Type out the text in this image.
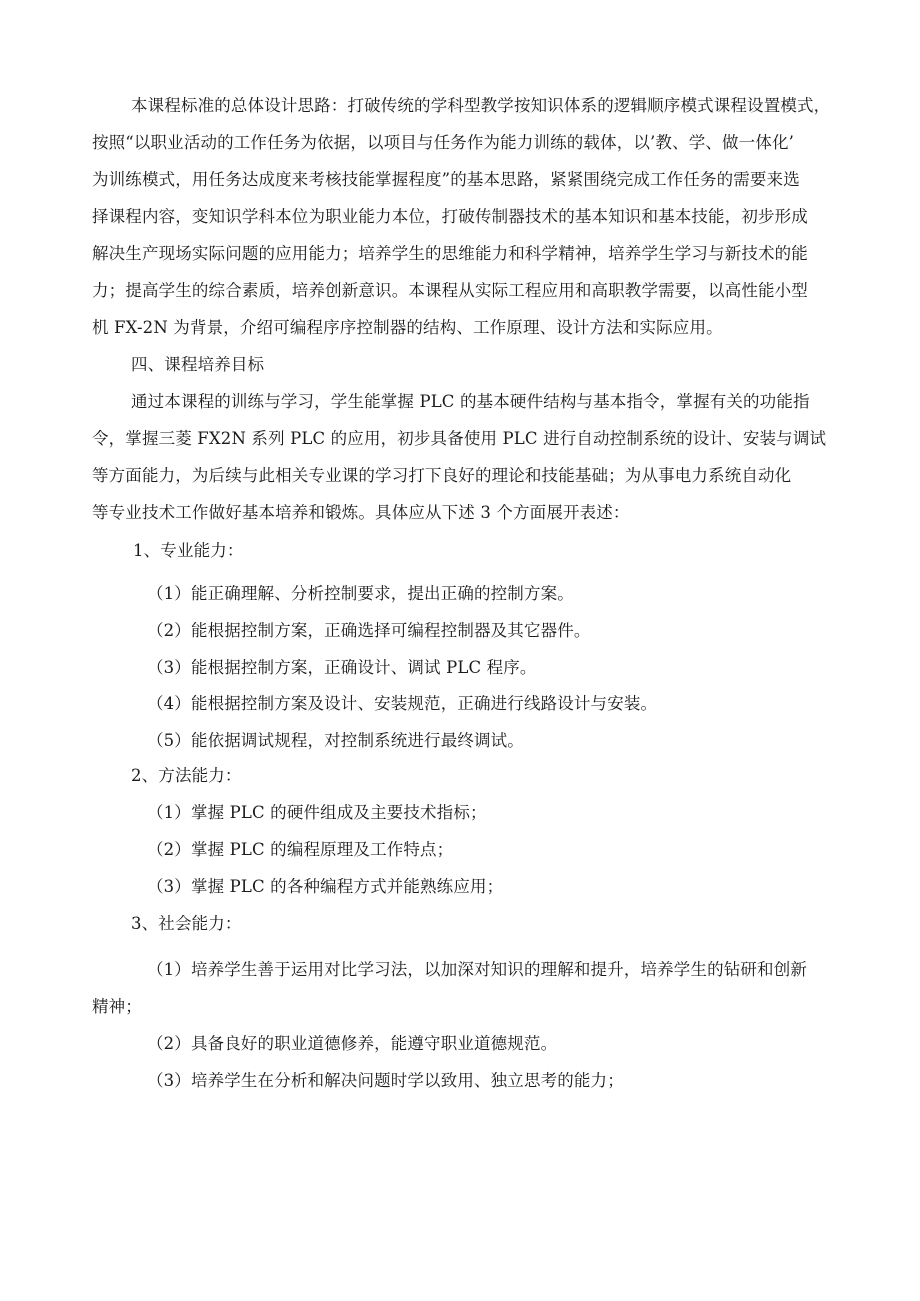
本课程标准的总体设计思路：打破传统的学科型教学按知识体系的逻辑顺序模式课程设置模式，
按照“以职业活动的工作任务为依据，以项目与任务作为能力训练的载体，以’教、学、做一体化’
为训练模式，用任务达成度来考核技能掌握程度”的基本思路，紧紧围绕完成工作任务的需要来选
择课程内容，变知识学科本位为职业能力本位，打破传制器技术的基本知识和基本技能，初步形成
解决生产现场实际问题的应用能力；培养学生的思维能力和科学精神，培养学生学习与新技术的能
力；提高学生的综合素质，培养创新意识。本课程从实际工程应用和高职教学需要，以高性能小型
机 FX-2N 为背景，介绍可编程序序控制器的结构、工作原理、设计方法和实际应用。
四、课程培养目标
通过本课程的训练与学习，学生能掌握 PLC 的基本硬件结构与基本指令，掌握有关的功能指
令，掌握三菱 FX2N 系列 PLC 的应用，初步具备使用 PLC 进行自动控制系统的设计、安装与调试
等方面能力，为后续与此相关专业课的学习打下良好的理论和技能基础；为从事电力系统自动化
等专业技术工作做好基本培养和锻炼。具体应从下述 3 个方面展开表述：
1、专业能力：
（1）能正确理解、分析控制要求，提出正确的控制方案。
（2）能根据控制方案，正确选择可编程控制器及其它器件。
（3）能根据控制方案，正确设计、调试 PLC 程序。
（4）能根据控制方案及设计、安装规范，正确进行线路设计与安装。
（5）能依据调试规程，对控制系统进行最终调试。
2、方法能力：
（1）掌握 PLC 的硬件组成及主要技术指标；
（2）掌握 PLC 的编程原理及工作特点；
（3）掌握 PLC 的各种编程方式并能熟练应用；
3、社会能力：
（1）培养学生善于运用对比学习法，以加深对知识的理解和提升，培养学生的钻研和创新
精神；
（2）具备良好的职业道德修养，能遵守职业道德规范。
（3）培养学生在分析和解决问题时学以致用、独立思考的能力；
